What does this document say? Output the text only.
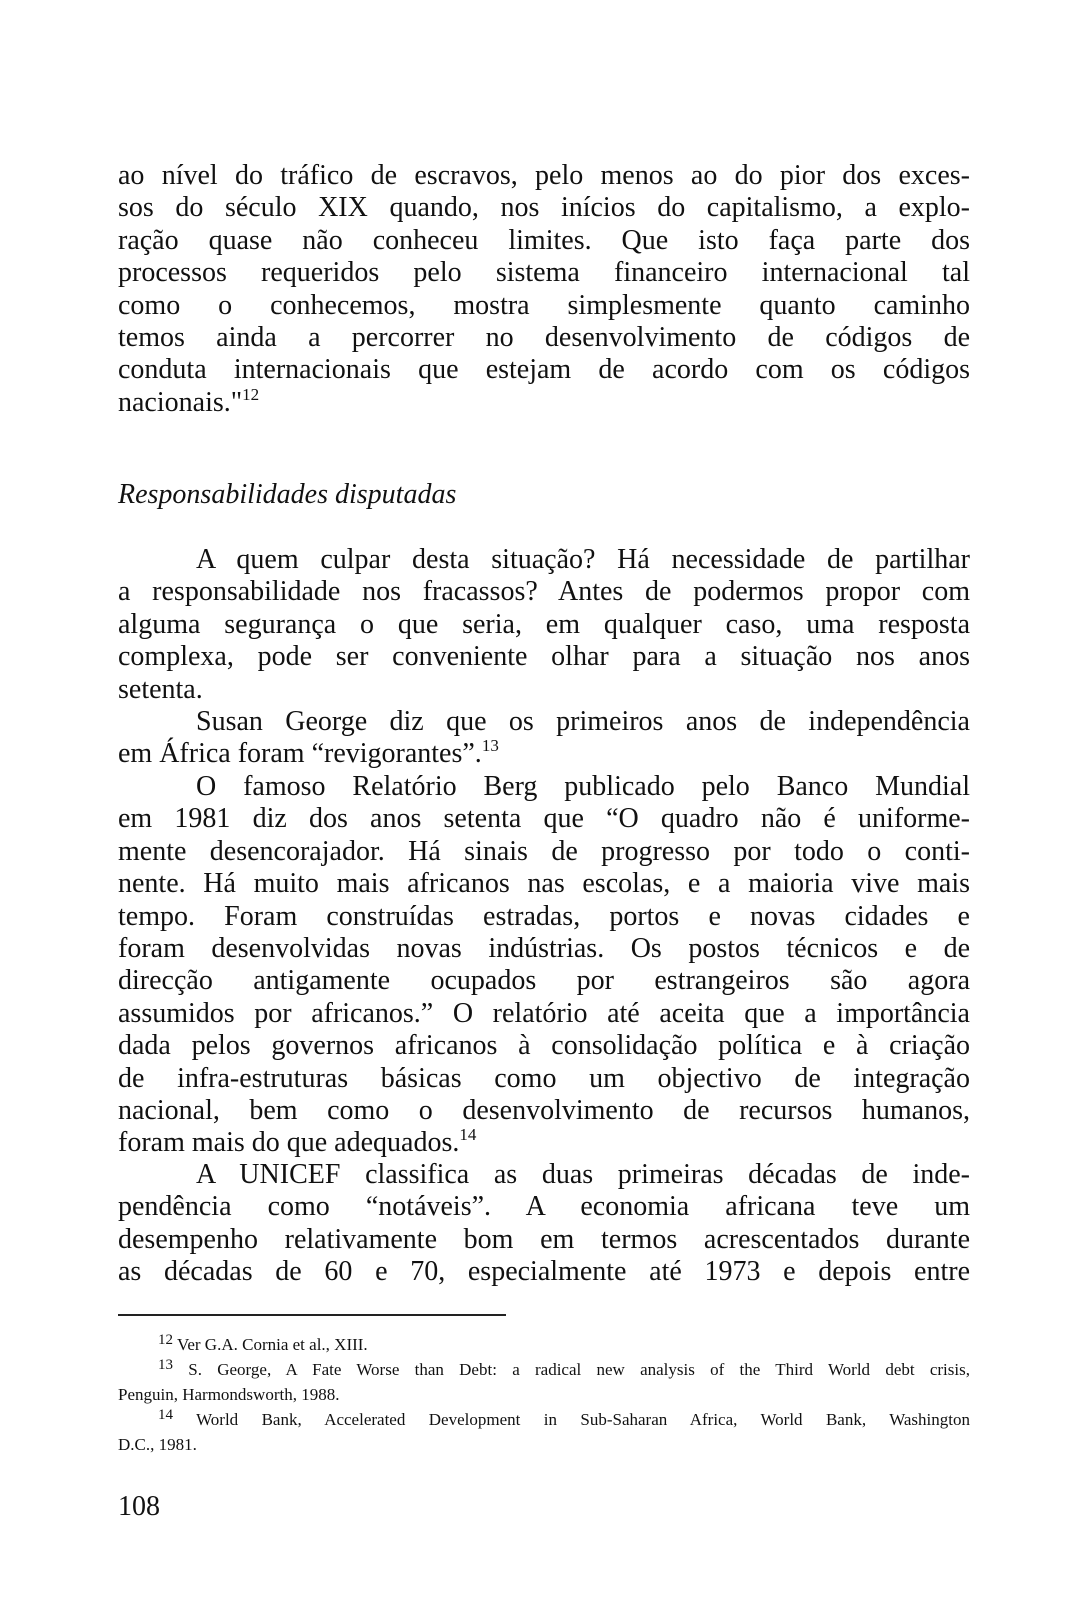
ao nível do tráfico de escravos, pelo menos ao do pior dos exces-
sos do século XIX quando, nos inícios do capitalismo, a explo-
ração quase não conheceu limites. Que isto faça parte dos
processos requeridos pelo sistema financeiro internacional tal
como o conhecemos, mostra simplesmente quanto caminho
temos ainda a percorrer no desenvolvimento de códigos de
conduta internacionais que estejam de acordo com os códigos
nacionais."$^{12}$
Responsabilidades disputadas
A quem culpar desta situação? Há necessidade de partilhar
a responsabilidade nos fracassos? Antes de podermos propor com
alguma segurança o que seria, em qualquer caso, uma resposta
complexa, pode ser conveniente olhar para a situação nos anos
setenta.
Susan George diz que os primeiros anos de independência
em África foram “revigorantes”.$^{13}$
O famoso Relatório Berg publicado pelo Banco Mundial
em 1981 diz dos anos setenta que “O quadro não é uniforme-
mente desencorajador. Há sinais de progresso por todo o conti-
nente. Há muito mais africanos nas escolas, e a maioria vive mais
tempo. Foram construídas estradas, portos e novas cidades e
foram desenvolvidas novas indústrias. Os postos técnicos e de
direcção antigamente ocupados por estrangeiros são agora
assumidos por africanos.” O relatório até aceita que a importância
dada pelos governos africanos à consolidação política e à criação
de infra-estruturas básicas como um objectivo de integração
nacional, bem como o desenvolvimento de recursos humanos,
foram mais do que adequados.$^{14}$
A UNICEF classifica as duas primeiras décadas de inde-
pendência como “notáveis”. A economia africana teve um
desempenho relativamente bom em termos acrescentados durante
as décadas de 60 e 70, especialmente até 1973 e depois entre
$^{12}$ Ver G.A. Cornia et al., XIII.
$^{13}$ S. George, A Fate Worse than Debt: a radical new analysis of the Third World debt crisis,
Penguin, Harmondsworth, 1988.
$^{14}$ World Bank, Accelerated Development in Sub-Saharan Africa, World Bank, Washington
D.C., 1981.
108
